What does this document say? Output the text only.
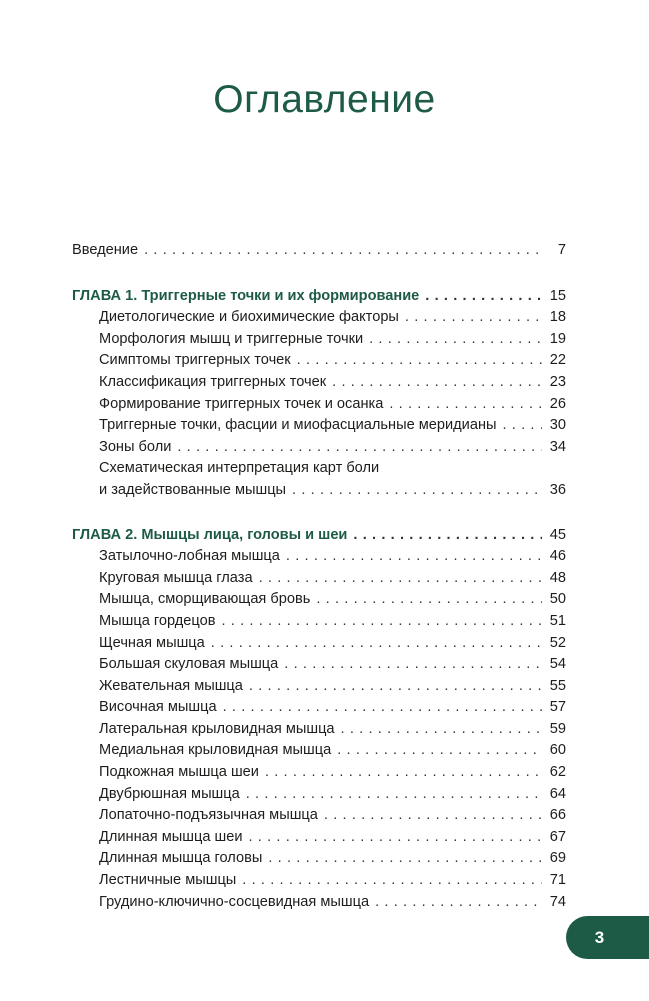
Оглавление
Введение . . .	7
ГЛАВА 1. Триггерные точки и их формирование . . .	15
Диетологические и биохимические факторы . . .	18
Морфология мышц и триггерные точки . . .	19
Симптомы триггерных точек . . .	22
Классификация триггерных точек . . .	23
Формирование триггерных точек и осанка . . .	26
Триггерные точки, фасции и миофасциальные меридианы . . .	30
Зоны боли . . .	34
Схематическая интерпретация карт боли
и задействованные мышцы . . .	36
ГЛАВА 2. Мышцы лица, головы и шеи . . .	45
Затылочно-лобная мышца . . .	46
Круговая мышца глаза . . .	48
Мышца, сморщивающая бровь . . .	50
Мышца гордецов . . .	51
Щечная мышца . . .	52
Большая скуловая мышца . . .	54
Жевательная мышца . . .	55
Височная мышца . . .	57
Латеральная крыловидная мышца . . .	59
Медиальная крыловидная мышца . . .	60
Подкожная мышца шеи . . .	62
Двубрюшная мышца . . .	64
Лопаточно-подъязычная мышца . . .	66
Длинная мышца шеи . . .	67
Длинная мышца головы . . .	69
Лестничные мышцы . . .	71
Грудино-ключично-сосцевидная мышца . . .	74
3
